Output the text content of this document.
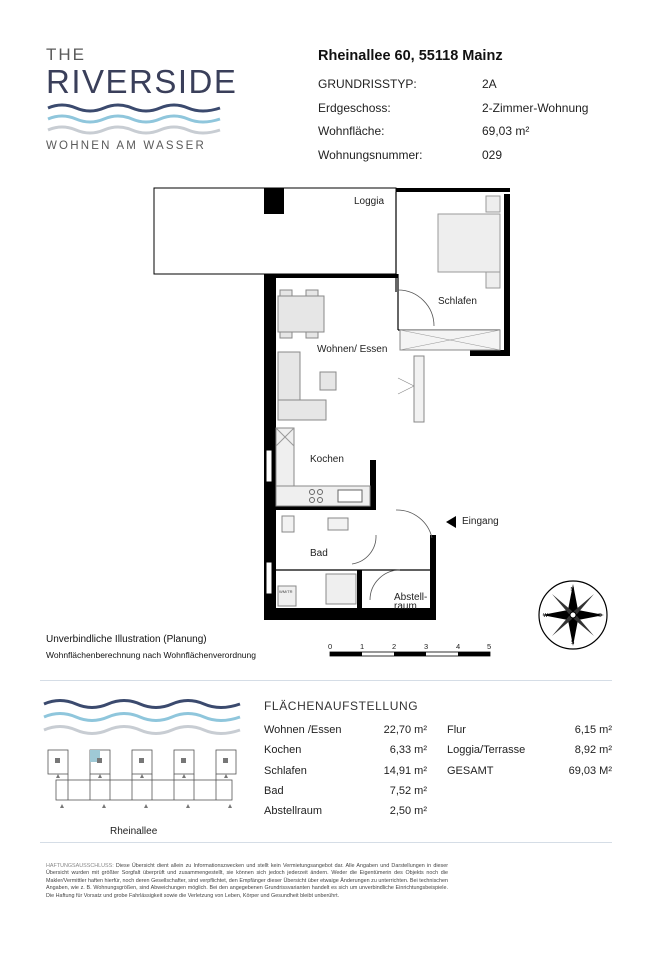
THE
RIVERSIDE
WOHNEN AM WASSER
Rheinallee 60, 55118 Mainz
GRUNDRISSTYP:	2A
Erdgeschoss:	2-Zimmer-Wohnung
Wohnfläche:	69,03 m²
Wohnungsnummer:	029
Loggia
Schlafen
Wohnen/ Essen
Kochen
Bad
Abstell-
raum
Eingang
WM/TR
Unverbindliche Illustration (Planung)
Wohnflächenberechnung nach Wohnflächenverordnung
0	1	2	3	4	5
N
S
O
W
Rheinallee
FLÄCHENAUFSTELLUNG
Wohnen /Essen	22,70 m²
Kochen	6,33 m²
Schlafen	14,91 m²
Bad	7,52 m²
Abstellraum	2,50 m²
Flur	6,15 m²
Loggia/Terrasse	8,92 m²
GESAMT	69,03 M²
HAFTUNGSAUSSCHLUSS: Diese Übersicht dient allein zu Informationszwecken und stellt kein Vermietungsangebot dar. Alle Angaben und Darstellungen in dieser Übersicht wurden mit größter Sorgfalt überprüft und zusammengestellt, sie können sich jedoch jederzeit ändern. Weder die Eigentümerin des Objekts noch die Makler/Vermittler haften hierfür, noch deren Gesellschafter, sind verpflichtet, den Empfänger dieser Übersicht über etwaige Änderungen zu unterrichten. Bei technischen Angaben, wie z. B. Wohnungsgrößen, sind Abweichungen möglich. Bei den angegebenen Grundrissvarianten handelt es sich um unverbindliche Einrichtungsbeispiele. Die Haftung für Vorsatz und grobe Fahrlässigkeit sowie die Verletzung von Leben, Körper und Gesundheit bleibt unberührt.
